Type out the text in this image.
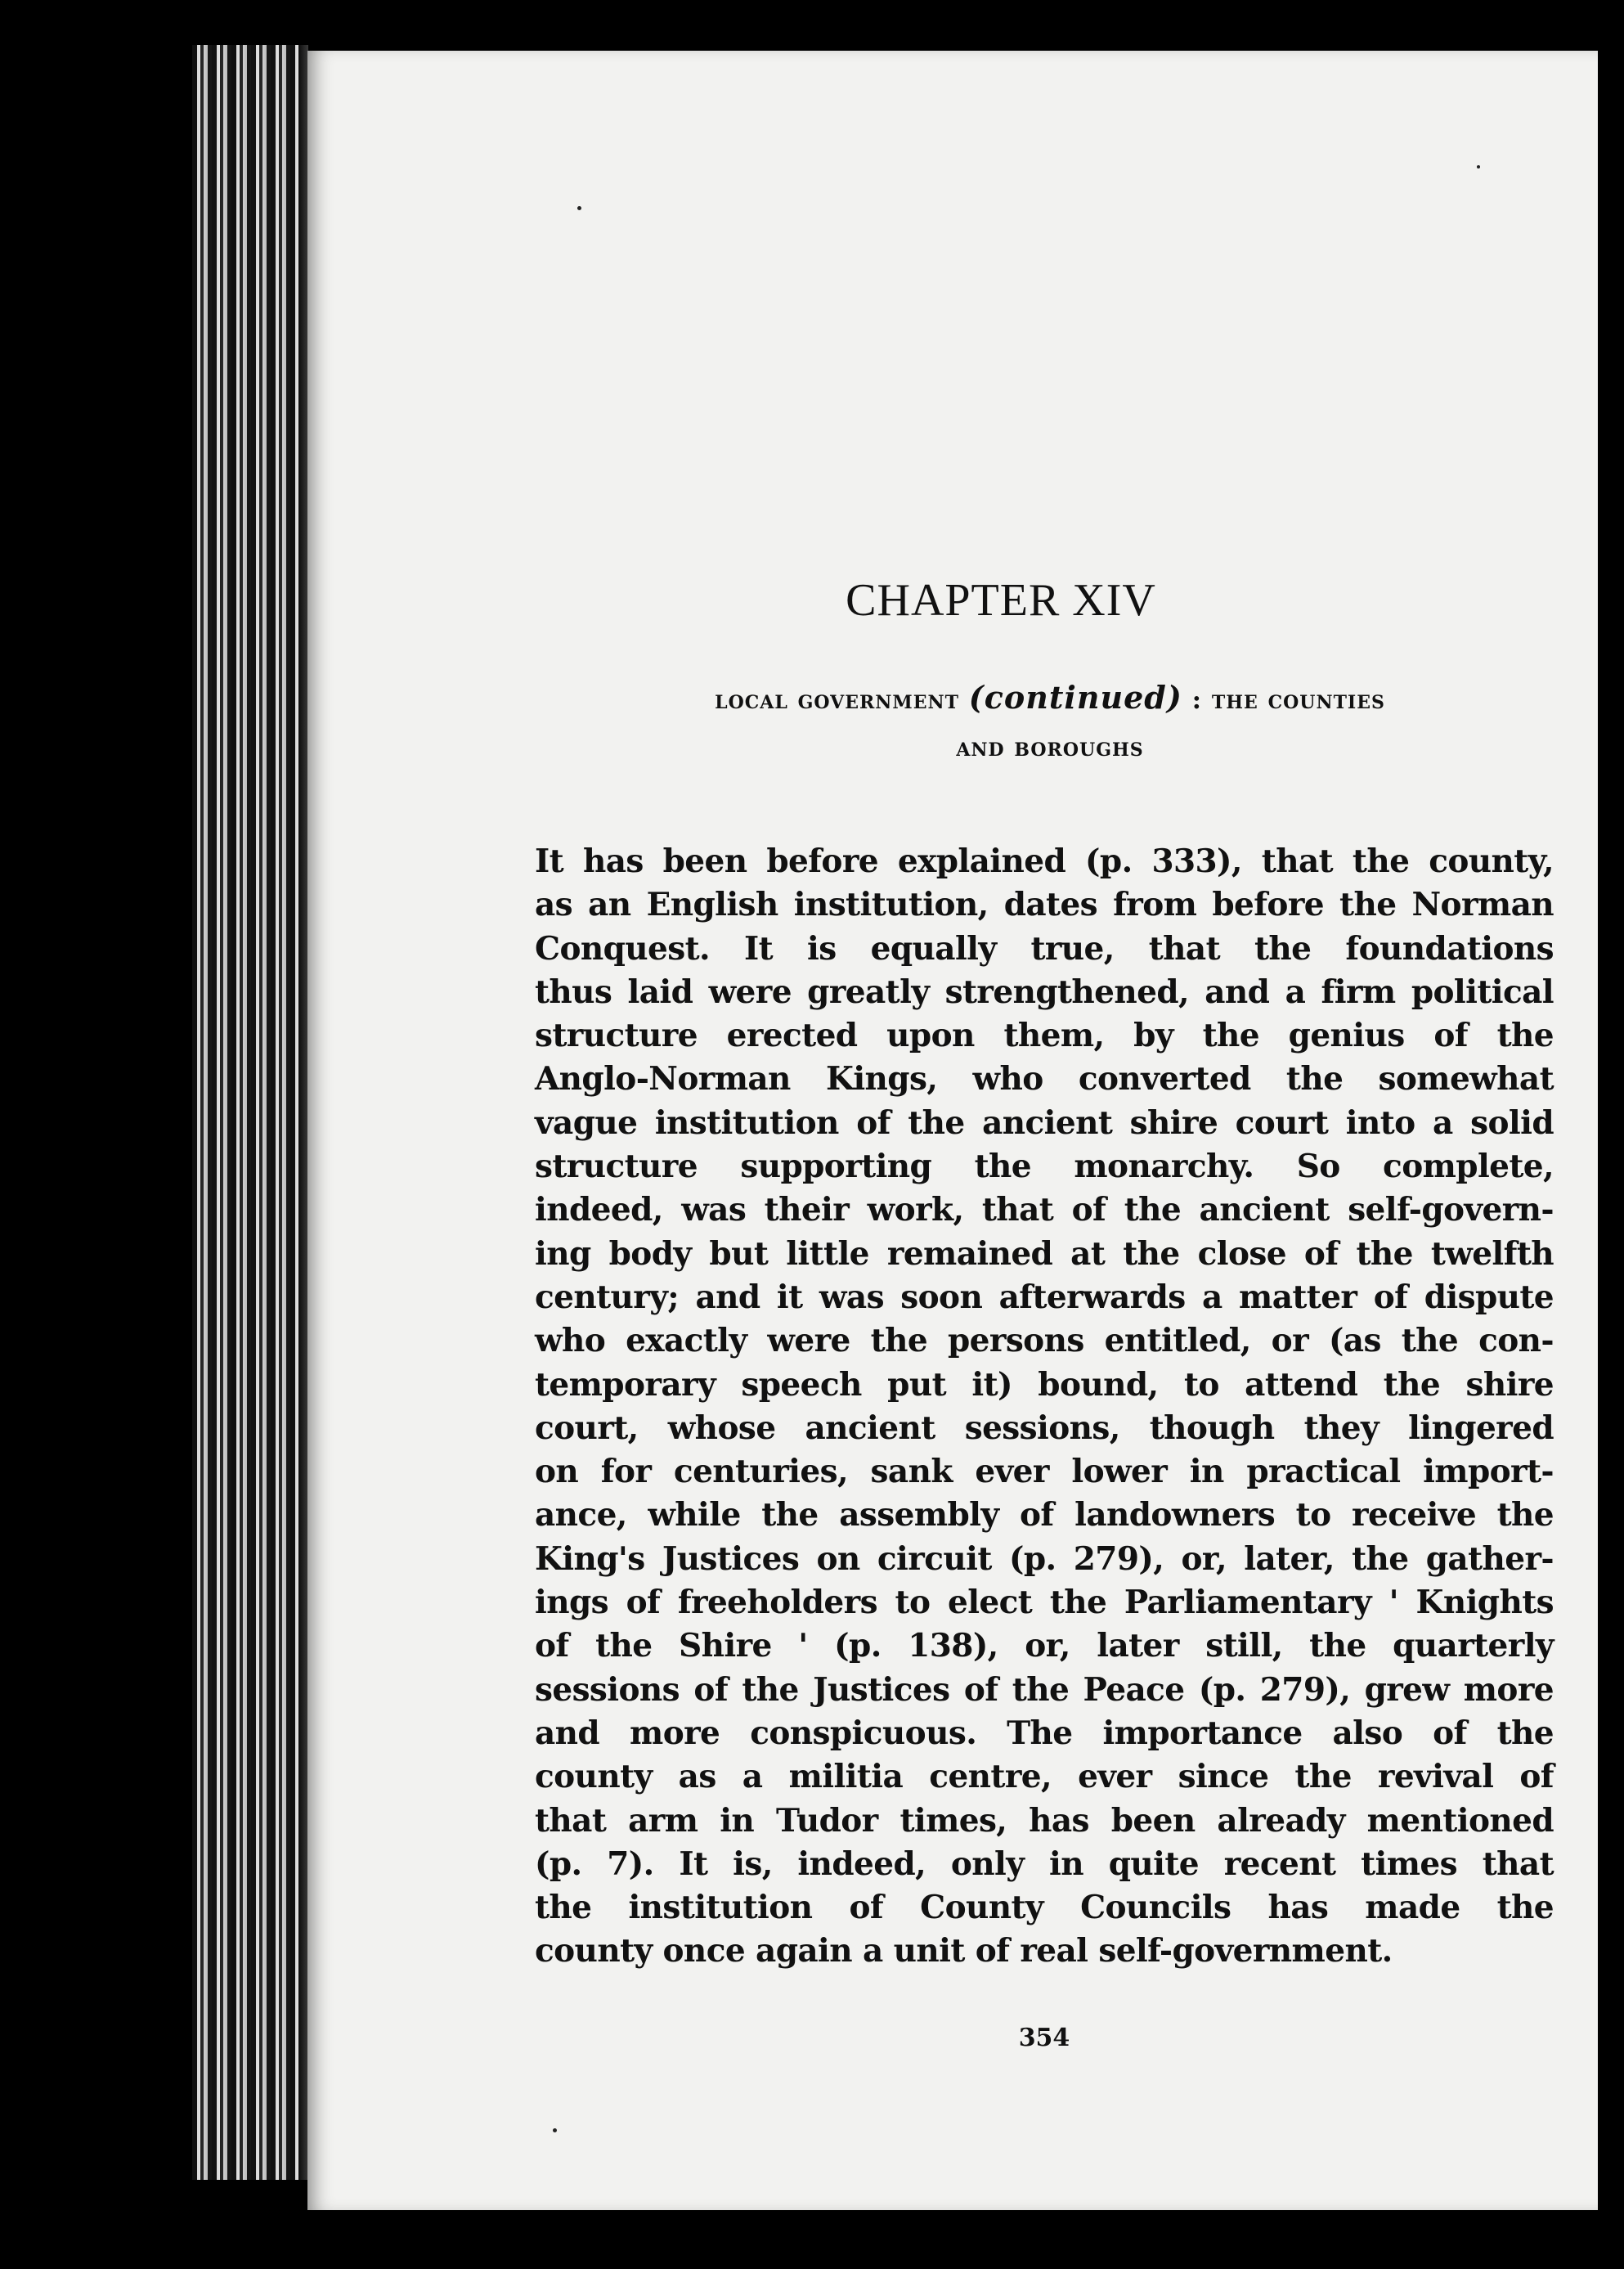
CHAPTER XIV
local government (continued) : the counties
and boroughs
It has been before explained (p. 333), that the county,
as an English institution, dates from before the Norman
Conquest. It is equally true, that the foundations
thus laid were greatly strengthened, and a firm political
structure erected upon them, by the genius of the
Anglo-Norman Kings, who converted the somewhat
vague institution of the ancient shire court into a solid
structure supporting the monarchy. So complete,
indeed, was their work, that of the ancient self-govern-
ing body but little remained at the close of the twelfth
century; and it was soon afterwards a matter of dispute
who exactly were the persons entitled, or (as the con-
temporary speech put it) bound, to attend the shire
court, whose ancient sessions, though they lingered
on for centuries, sank ever lower in practical import-
ance, while the assembly of landowners to receive the
King's Justices on circuit (p. 279), or, later, the gather-
ings of freeholders to elect the Parliamentary ' Knights
of the Shire ' (p. 138), or, later still, the quarterly
sessions of the Justices of the Peace (p. 279), grew more
and more conspicuous. The importance also of the
county as a militia centre, ever since the revival of
that arm in Tudor times, has been already mentioned
(p. 7). It is, indeed, only in quite recent times that
the institution of County Councils has made the
county once again a unit of real self-government.
354
